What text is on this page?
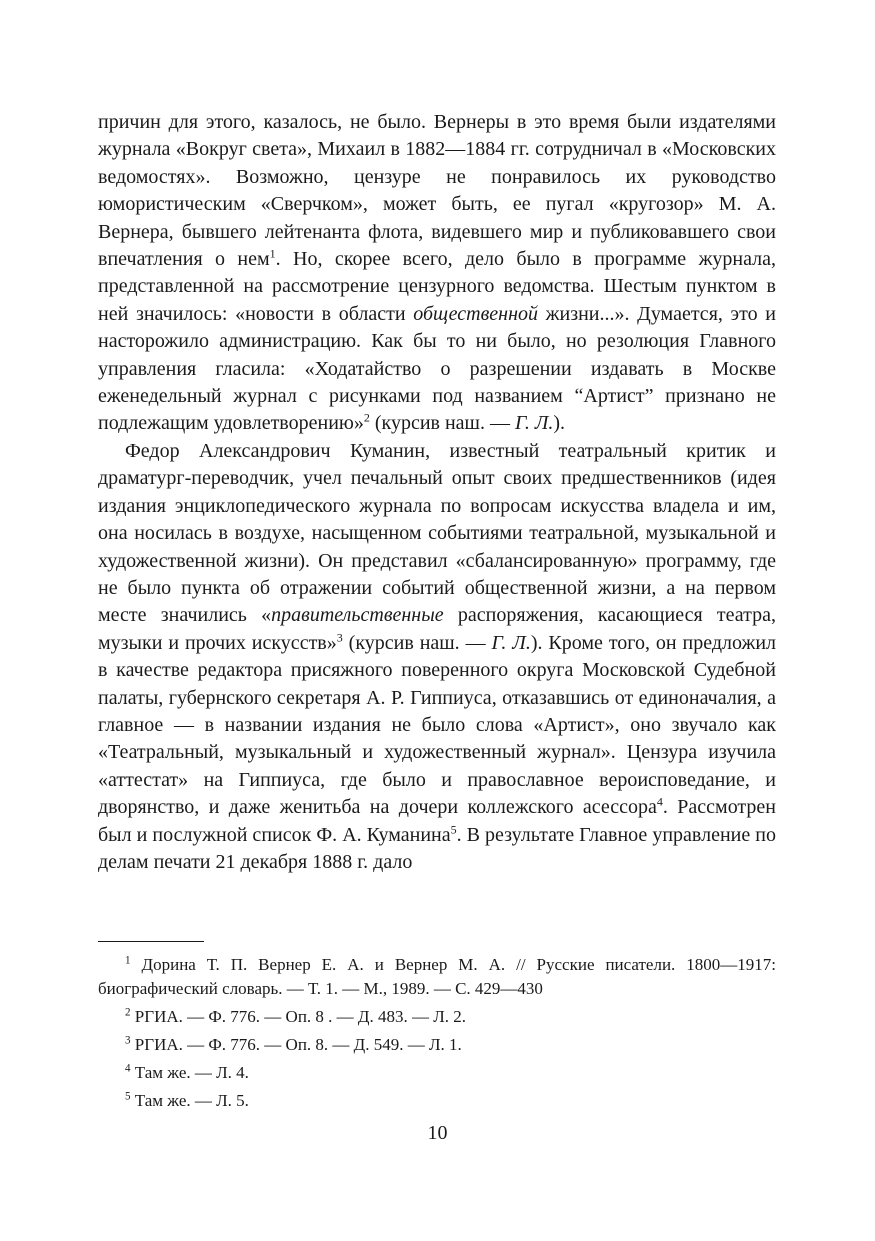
причин для этого, казалось, не было. Вернеры в это время были издателями журнала «Вокруг света», Михаил в 1882—1884 гг. сотрудничал в «Московских ведомостях». Возможно, цензуре не понравилось их руководство юмористическим «Сверчком», может быть, ее пугал «кругозор» М. А. Вернера, бывшего лейтенанта флота, видевшего мир и публиковавшего свои впечатления о нем$^1$. Но, скорее всего, дело было в программе журнала, представленной на рассмотрение цензурного ведомства. Шестым пунктом в ней значилось: «новости в области общественной жизни...». Думается, это и насторожило администрацию. Как бы то ни было, но резолюция Главного управления гласила: «Ходатайство о разрешении издавать в Москве еженедельный журнал с рисунками под названием “Артист” признано не подлежащим удовлетворению»$^2$ (курсив наш. — Г. Л.).

Федор Александрович Куманин, известный театральный критик и драматург-переводчик, учел печальный опыт своих предшественников (идея издания энциклопедического журнала по вопросам искусства владела и им, она носилась в воздухе, насыщенном событиями театральной, музыкальной и художественной жизни). Он представил «сбалансированную» программу, где не было пункта об отражении событий общественной жизни, а на первом месте значились «правительственные распоряжения, касающиеся театра, музыки и прочих искусств»$^3$ (курсив наш. — Г. Л.). Кроме того, он предложил в качестве редактора присяжного поверенного округа Московской Судебной палаты, губернского секретаря А. Р. Гиппиуса, отказавшись от единоначалия, а главное — в названии издания не было слова «Артист», оно звучало как «Театральный, музыкальный и художественный журнал». Цензура изучила «аттестат» на Гиппиуса, где было и православное вероисповедание, и дворянство, и даже женитьба на дочери коллежского асессора$^4$. Рассмотрен был и послужной список Ф. А. Куманина$^5$. В результате Главное управление по делам печати 21 декабря 1888 г. дало

$^1$ Дорина Т. П. Вернер Е. А. и Вернер М. А. // Русские писатели. 1800—1917: биографический словарь. — Т. 1. — М., 1989. — С. 429—430

$^2$ РГИА. — Ф. 776. — Оп. 8 . — Д. 483. — Л. 2.

$^3$ РГИА. — Ф. 776. — Оп. 8. — Д. 549. — Л. 1.

$^4$ Там же. — Л. 4.

$^5$ Там же. — Л. 5.

10
